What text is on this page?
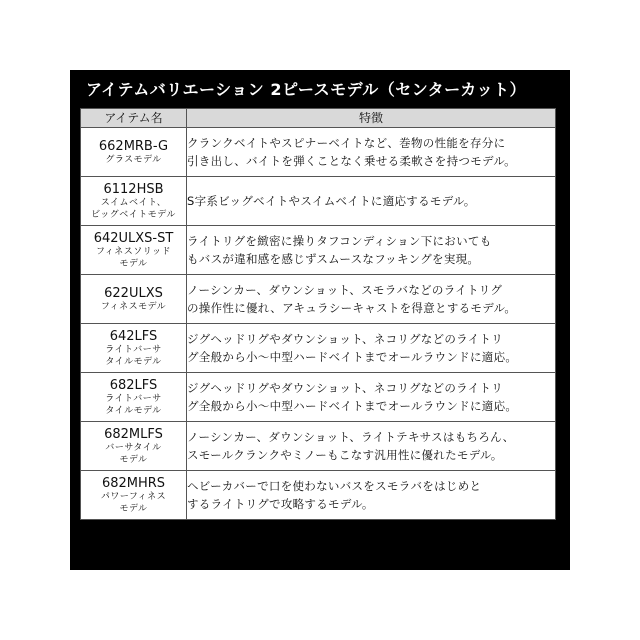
アイテムバリエーション 2ピースモデル（センターカット）
アイテム名	特徴

662MRB-G
グラスモデル	クランクベイトやスピナーベイトなど、巻物の性能を存分に
引き出し、バイトを弾くことなく乗せる柔軟さを持つモデル。

6112HSB
スイムベイト、
ビッグベイトモデル	S字系ビッグベイトやスイムベイトに適応するモデル。

642ULXS-ST
フィネスソリッド
モデル	ライトリグを緻密に操りタフコンディション下においても
もバスが違和感を感じずスムースなフッキングを実現。

622ULXS
フィネスモデル	ノーシンカー、ダウンショット、スモラバなどのライトリグ
の操作性に優れ、アキュラシーキャストを得意とするモデル。

642LFS
ライトバーサ
タイルモデル	ジグヘッドリグやダウンショット、ネコリグなどのライトリ
グ全般から小〜中型ハードベイトまでオールラウンドに適応。

682LFS
ライトバーサ
タイルモデル	ジグヘッドリグやダウンショット、ネコリグなどのライトリ
グ全般から小〜中型ハードベイトまでオールラウンドに適応。

682MLFS
バーサタイル
モデル	ノーシンカー、ダウンショット、ライトテキサスはもちろん、
スモールクランクやミノーもこなす汎用性に優れたモデル。

682MHRS
パワーフィネス
モデル	ヘビーカバーで口を使わないバスをスモラバをはじめと
するライトリグで攻略するモデル。
